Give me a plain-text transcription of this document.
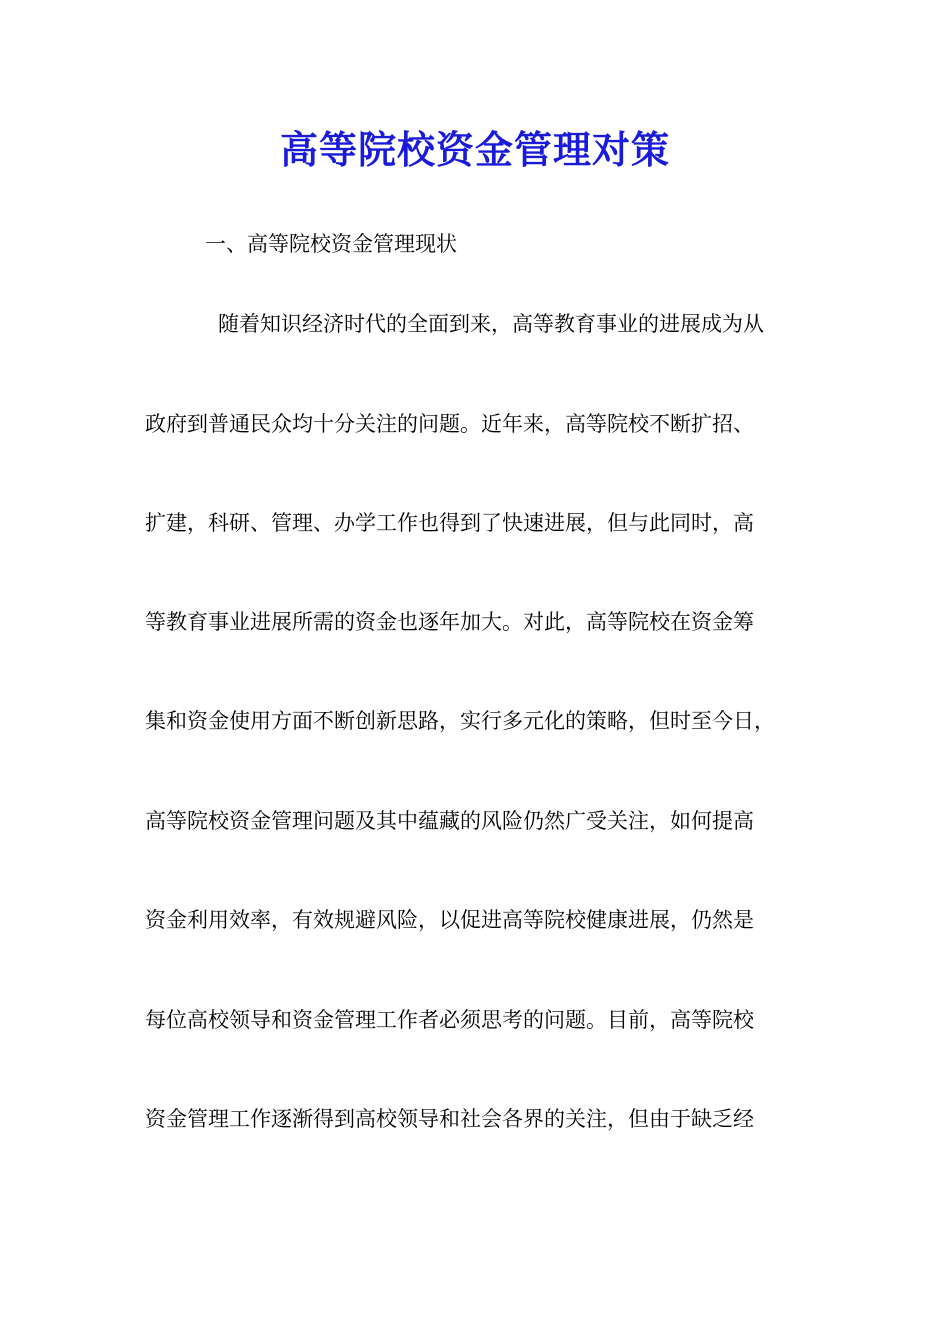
高等院校资金管理对策
一、高等院校资金管理现状
随着知识经济时代的全面到来，高等教育事业的进展成为从
政府到普通民众均十分关注的问题。近年来，高等院校不断扩招、
扩建，科研、管理、办学工作也得到了快速进展，但与此同时，高
等教育事业进展所需的资金也逐年加大。对此，高等院校在资金筹
集和资金使用方面不断创新思路，实行多元化的策略，但时至今日，
高等院校资金管理问题及其中蕴藏的风险仍然广受关注，如何提高
资金利用效率，有效规避风险，以促进高等院校健康进展，仍然是
每位高校领导和资金管理工作者必须思考的问题。目前，高等院校
资金管理工作逐渐得到高校领导和社会各界的关注，但由于缺乏经
